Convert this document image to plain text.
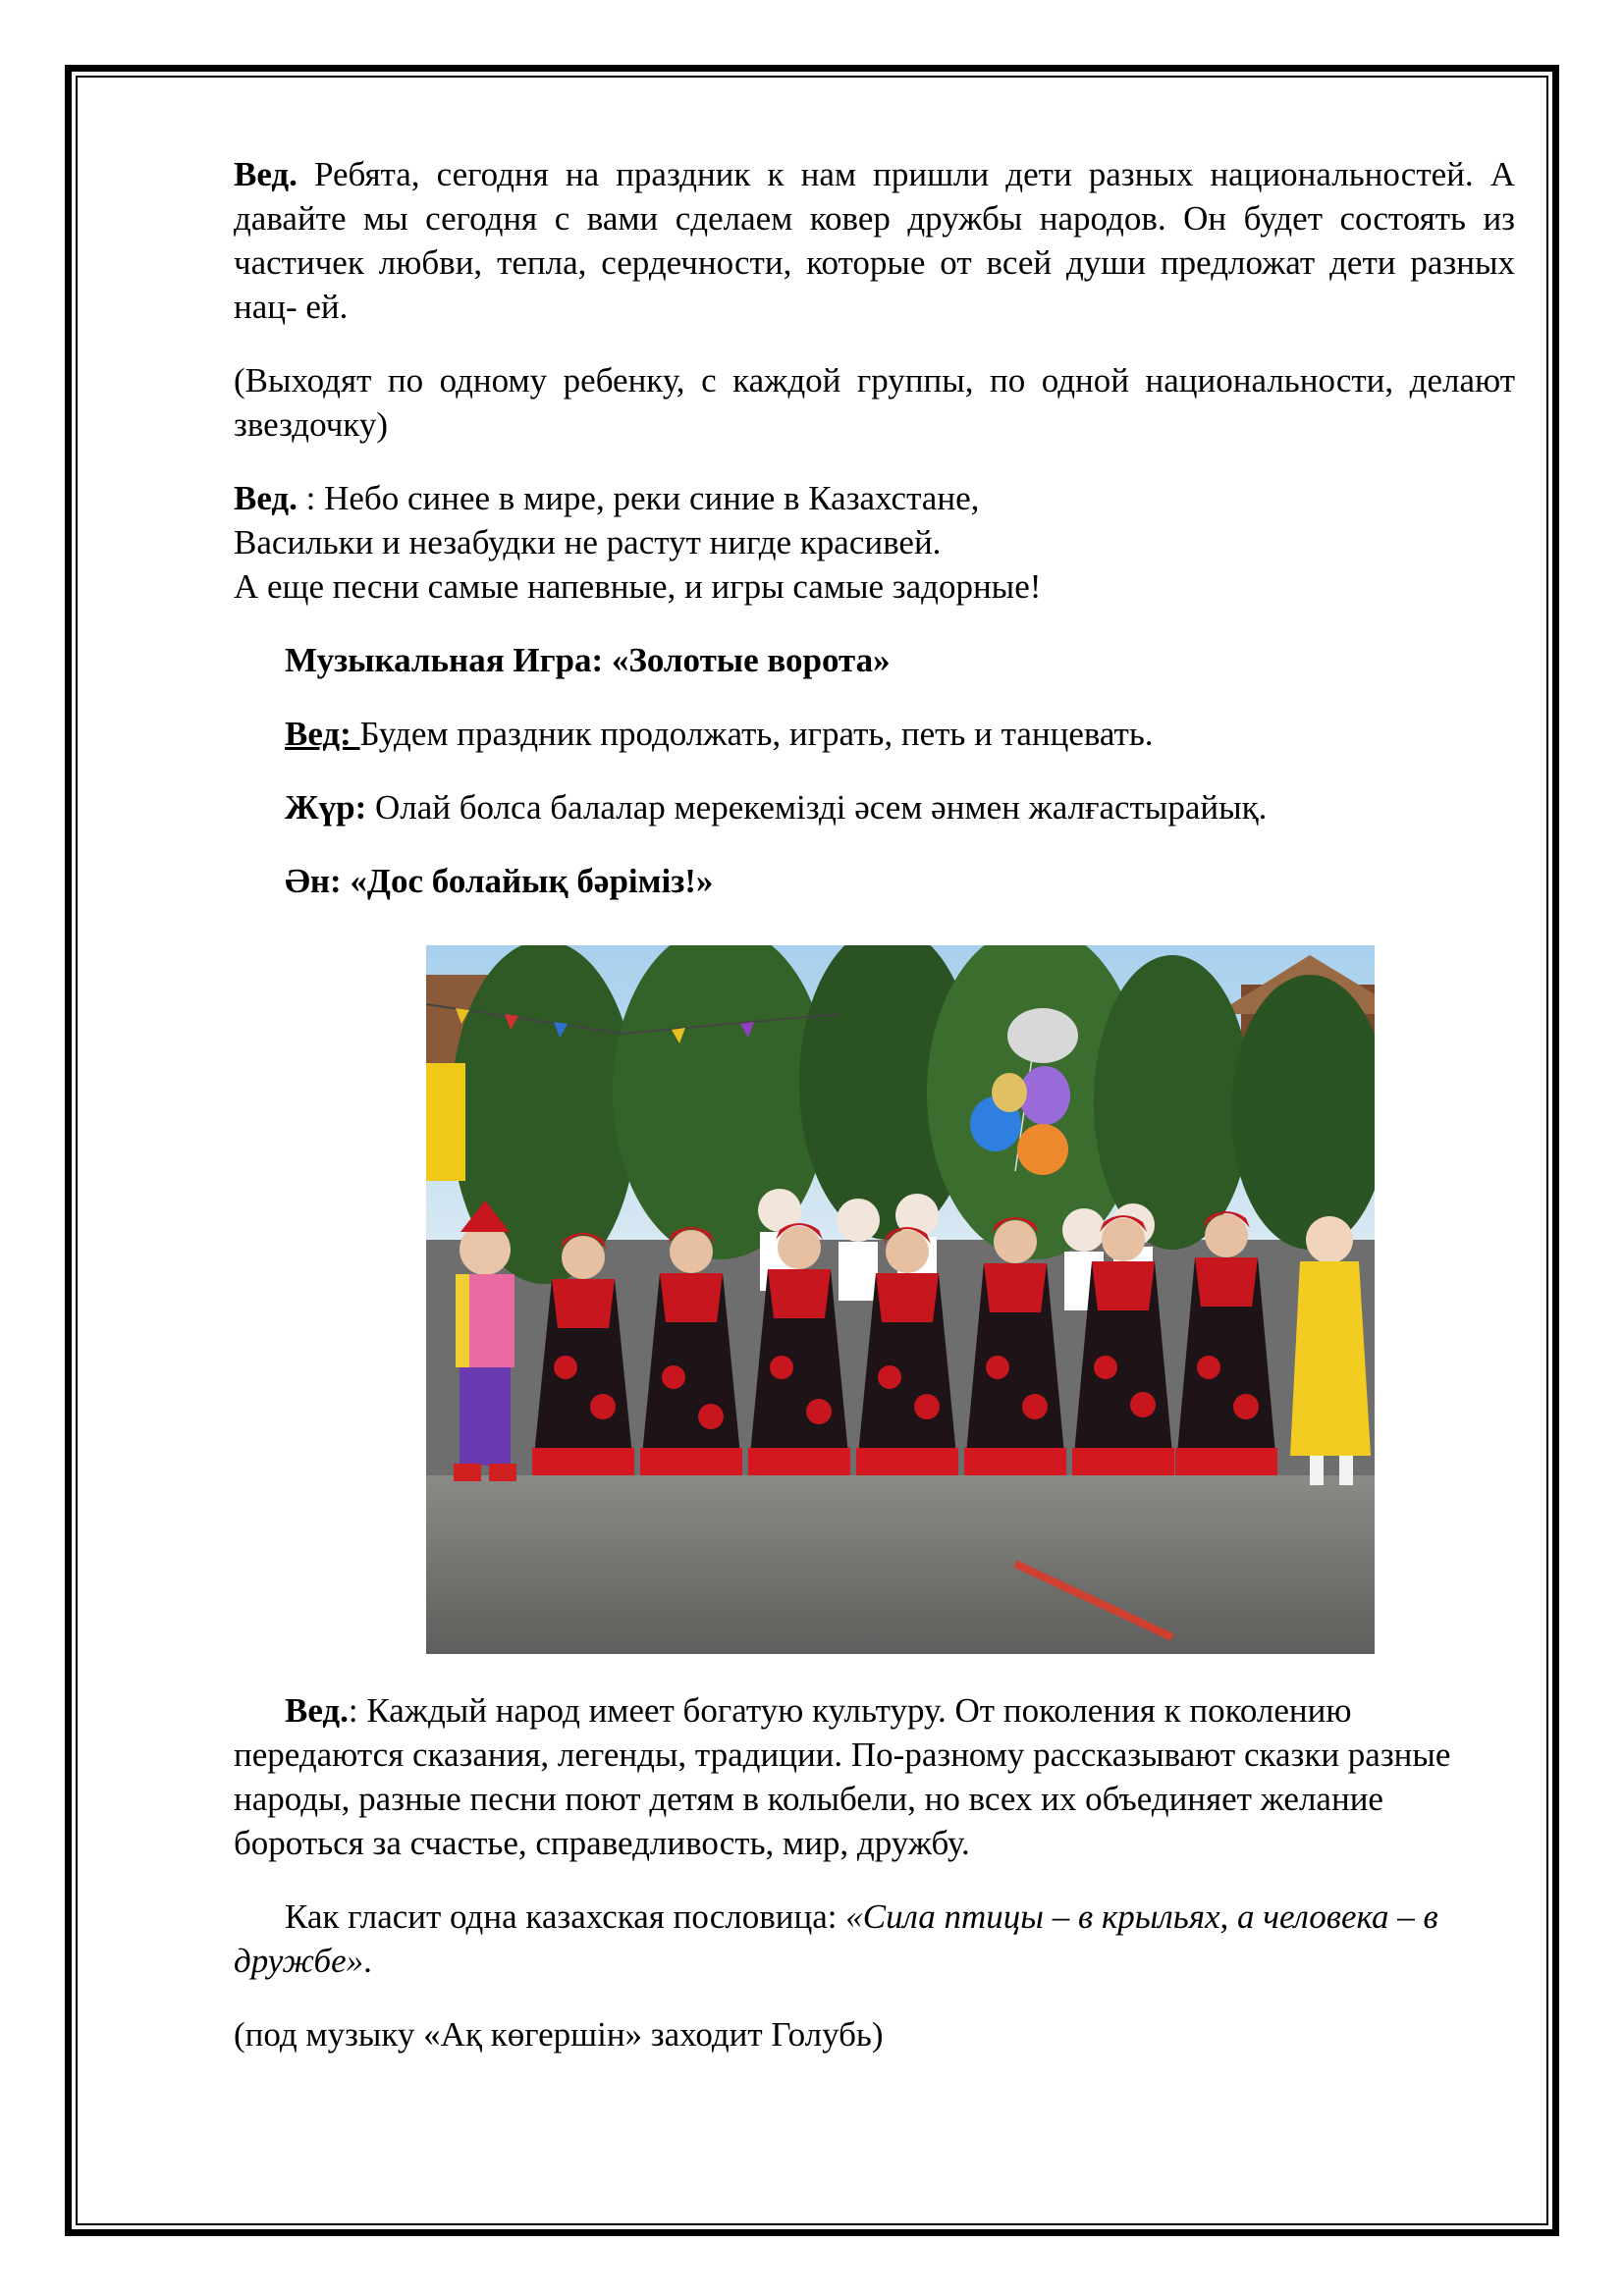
Вед. Ребята, сегодня на праздник к нам пришли дети разных национальностей. А давайте мы сегодня с вами сделаем ковер дружбы народов. Он будет состоять из частичек любви, тепла, сердечности, которые от всей души предложат дети разных нац- ей.

(Выходят по одному ребенку, с каждой группы, по одной национальности, делают звездочку)

Вед. : Небо синее в мире, реки синие в Казахстане,
Васильки и незабудки не растут нигде красивей.
А еще песни самые напевные, и игры самые задорные!

Музыкальная Игра: «Золотые ворота»

Вед: Будем праздник продолжать, играть, петь и танцевать.

Жүр: Олай болса балалар мерекемізді әсем әнмен жалғастырайық.

Ән: «Дос болайық бәріміз!»

Вед.: Каждый народ имеет богатую культуру. От поколения к поколению передаются сказания, легенды, традиции. По-разному рассказывают сказки разные народы, разные песни поют детям в колыбели, но всех их объединяет желание бороться за счастье, справедливость, мир, дружбу.

Как гласит одна казахская пословица: «Сила птицы – в крыльях, а человека – в дружбе».

(под музыку «Ақ көгершін» заходит Голубь)
